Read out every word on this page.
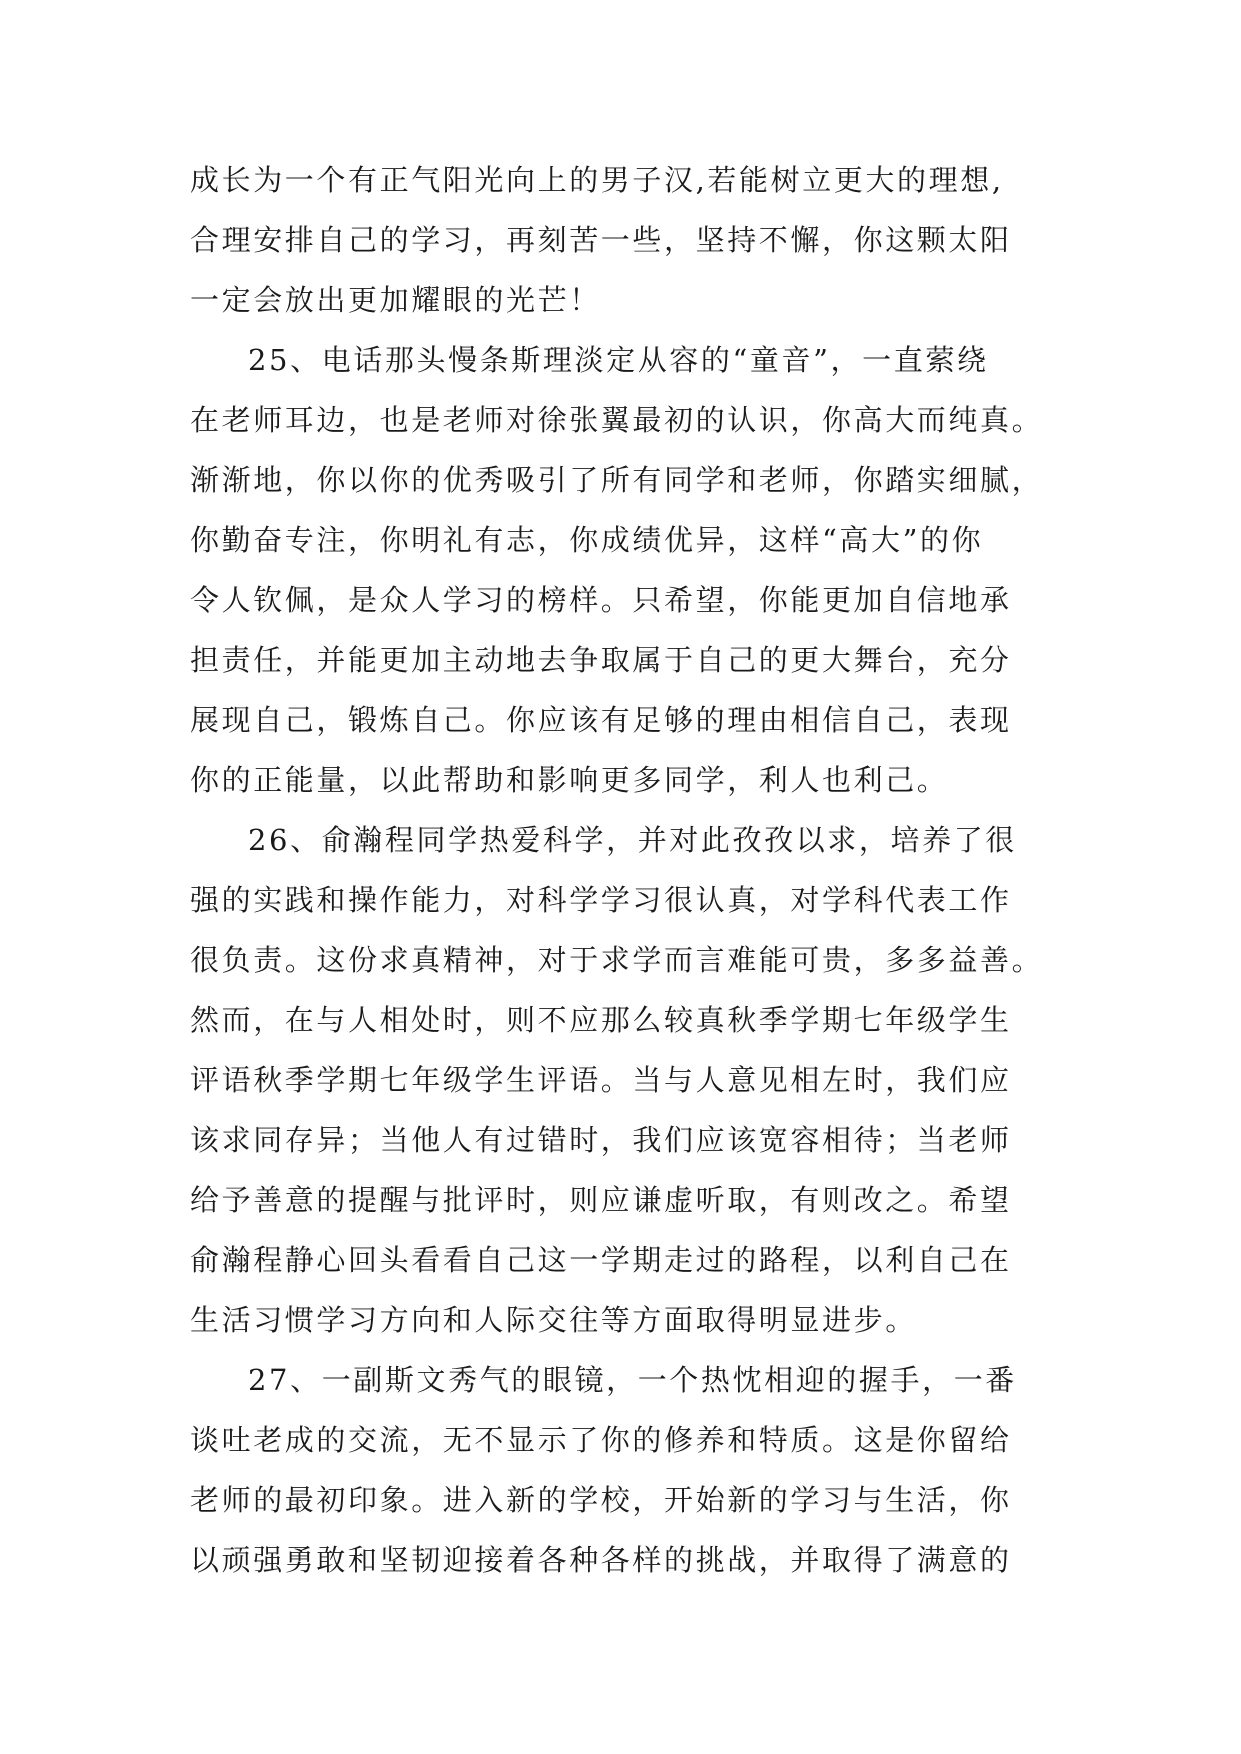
成长为一个有正气阳光向上的男子汉,若能树立更大的理想,
合理安排自己的学习，再刻苦一些，坚持不懈，你这颗太阳
一定会放出更加耀眼的光芒！
25、电话那头慢条斯理淡定从容的“童音”，一直萦绕
在老师耳边，也是老师对徐张翼最初的认识，你高大而纯真。
渐渐地，你以你的优秀吸引了所有同学和老师，你踏实细腻，
你勤奋专注，你明礼有志，你成绩优异，这样“高大”的你
令人钦佩，是众人学习的榜样。只希望，你能更加自信地承
担责任，并能更加主动地去争取属于自己的更大舞台，充分
展现自己，锻炼自己。你应该有足够的理由相信自己，表现
你的正能量，以此帮助和影响更多同学，利人也利己。
26、俞瀚程同学热爱科学，并对此孜孜以求，培养了很
强的实践和操作能力，对科学学习很认真，对学科代表工作
很负责。这份求真精神，对于求学而言难能可贵，多多益善。
然而，在与人相处时，则不应那么较真秋季学期七年级学生
评语秋季学期七年级学生评语。当与人意见相左时，我们应
该求同存异；当他人有过错时，我们应该宽容相待；当老师
给予善意的提醒与批评时，则应谦虚听取，有则改之。希望
俞瀚程静心回头看看自己这一学期走过的路程，以利自己在
生活习惯学习方向和人际交往等方面取得明显进步。
27、一副斯文秀气的眼镜，一个热忱相迎的握手，一番
谈吐老成的交流，无不显示了你的修养和特质。这是你留给
老师的最初印象。进入新的学校，开始新的学习与生活，你
以顽强勇敢和坚韧迎接着各种各样的挑战，并取得了满意的
